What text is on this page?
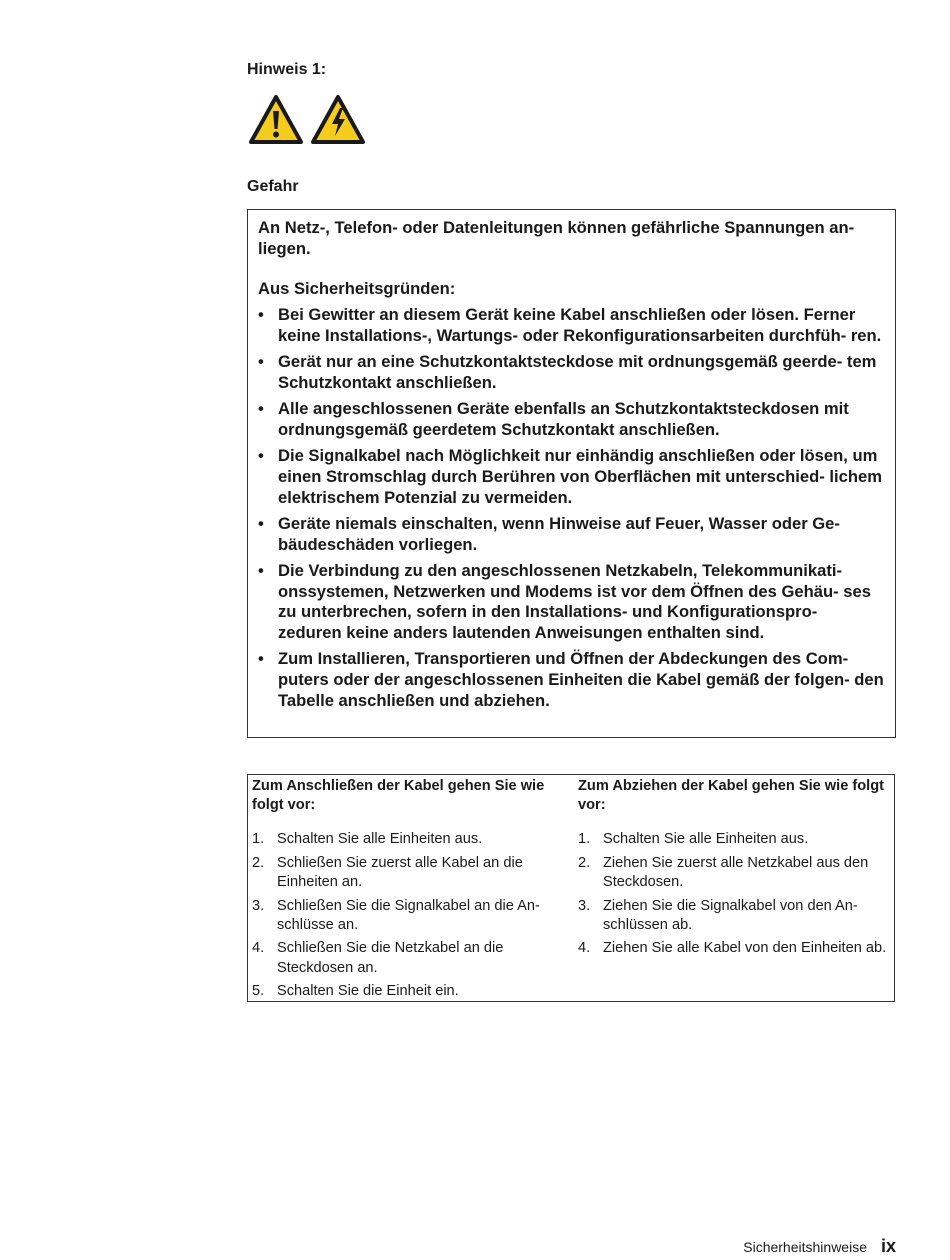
Hinweis 1:
Gefahr

An Netz-, Telefon- oder Datenleitungen können gefährliche Spannungen an- liegen.

Aus Sicherheitsgründen:

• Bei Gewitter an diesem Gerät keine Kabel anschließen oder lösen. Ferner keine Installations-, Wartungs- oder Rekonfigurationsarbeiten durchfüh- ren.
• Gerät nur an eine Schutzkontaktsteckdose mit ordnungsgemäß geerde- tem Schutzkontakt anschließen.
• Alle angeschlossenen Geräte ebenfalls an Schutzkontaktsteckdosen mit ordnungsgemäß geerdetem Schutzkontakt anschließen.
• Die Signalkabel nach Möglichkeit nur einhändig anschließen oder lösen, um einen Stromschlag durch Berühren von Oberflächen mit unterschied- lichem elektrischem Potenzial zu vermeiden.
• Geräte niemals einschalten, wenn Hinweise auf Feuer, Wasser oder Ge- bäudeschäden vorliegen.
• Die Verbindung zu den angeschlossenen Netzkabeln, Telekommunikati- onssystemen, Netzwerken und Modems ist vor dem Öffnen des Gehäu- ses zu unterbrechen, sofern in den Installations- und Konfigurationspro- zeduren keine anders lautenden Anweisungen enthalten sind.
• Zum Installieren, Transportieren und Öffnen der Abdeckungen des Com- puters oder der angeschlossenen Einheiten die Kabel gemäß der folgen- den Tabelle anschließen und abziehen.
Zum Anschließen der Kabel gehen Sie wie folgt vor:
1. Schalten Sie alle Einheiten aus.
2. Schließen Sie zuerst alle Kabel an die Einheiten an.
3. Schließen Sie die Signalkabel an die An- schlüsse an.
4. Schließen Sie die Netzkabel an die Steckdosen an.
5. Schalten Sie die Einheit ein.
Zum Abziehen der Kabel gehen Sie wie folgt vor:
1. Schalten Sie alle Einheiten aus.
2. Ziehen Sie zuerst alle Netzkabel aus den Steckdosen.
3. Ziehen Sie die Signalkabel von den An- schlüssen ab.
4. Ziehen Sie alle Kabel von den Einheiten ab.
Sicherheitshinweise ix
